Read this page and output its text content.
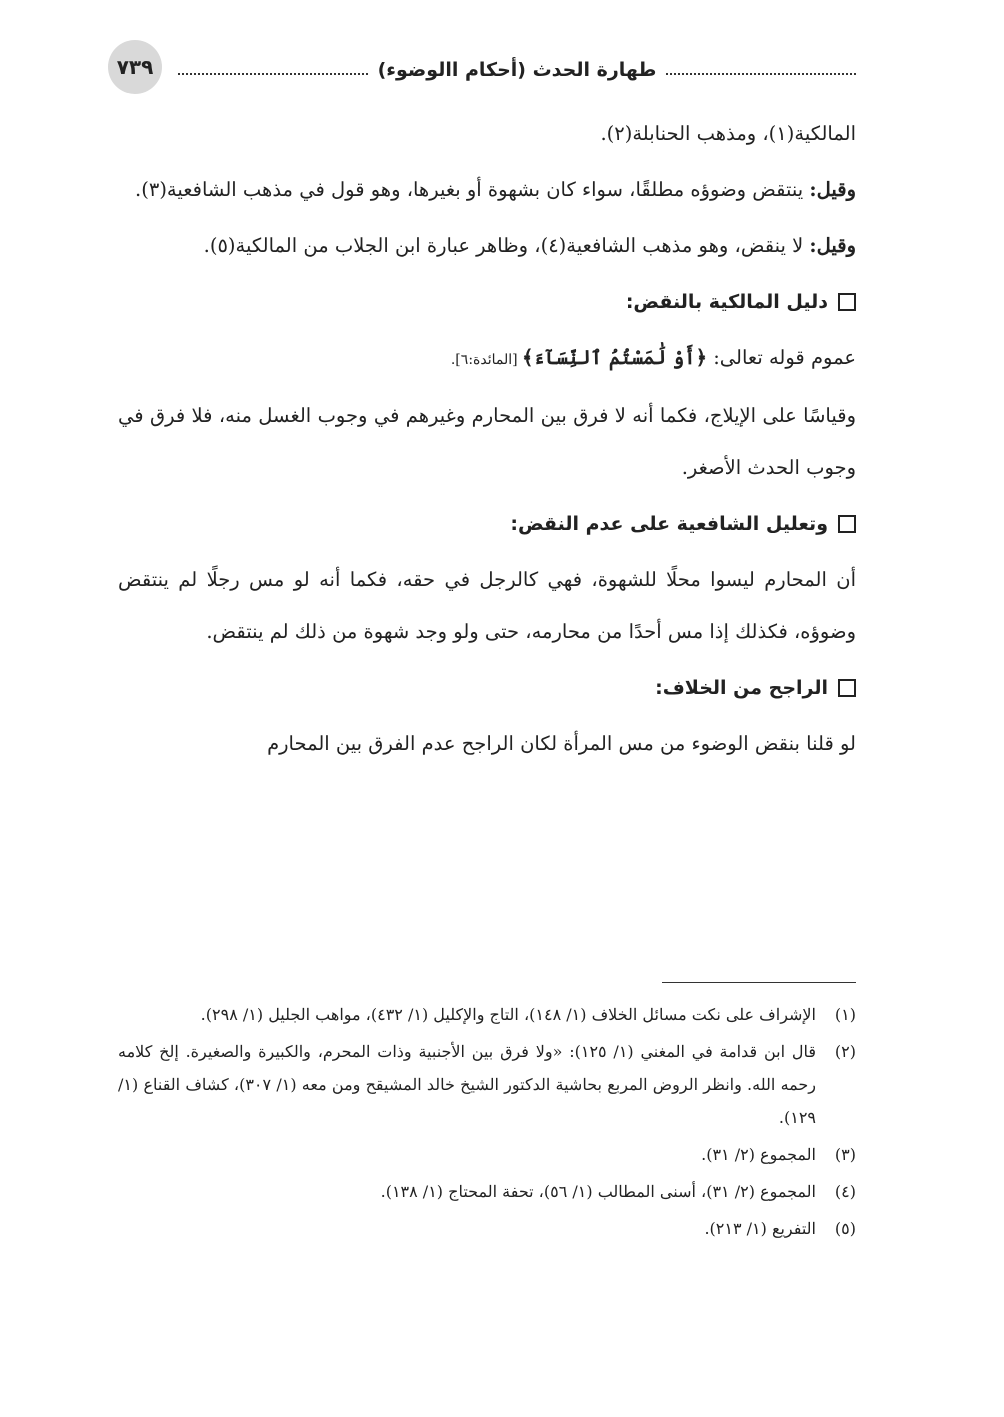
٧٣٩	طهارة الحدث (أحكام االوضوء)

المالكية(١)، ومذهب الحنابلة(٢).

وقيل: ينتقض وضوؤه مطلقًا، سواء كان بشهوة أو بغيرها، وهو قول في مذهب الشافعية(٣).

وقيل: لا ينقض، وهو مذهب الشافعية(٤)، وظاهر عبارة ابن الجلاب من المالكية(٥).

دليل المالكية بالنقض:

عموم قوله تعالى: ﴿أَوْ لَٰمَسْتُمُ ٱلنِّسَآءَ﴾ [المائدة:٦].

وقياسًا على الإيلاج، فكما أنه لا فرق بين المحارم وغيرهم في وجوب الغسل منه، فلا فرق في وجوب الحدث الأصغر.

وتعليل الشافعية على عدم النقض:

أن المحارم ليسوا محلًا للشهوة، فهي كالرجل في حقه، فكما أنه لو مس رجلًا لم ينتقض وضوؤه، فكذلك إذا مس أحدًا من محارمه، حتى ولو وجد شهوة من ذلك لم ينتقض.

الراجح من الخلاف:

لو قلنا بنقض الوضوء من مس المرأة لكان الراجح عدم الفرق بين المحارم

(١)
الإشراف على نكت مسائل الخلاف (١/ ١٤٨)، التاج والإكليل (١/ ٤٣٢)، مواهب الجليل (١/ ٢٩٨).
(٢)
قال ابن قدامة في المغني (١/ ١٢٥): «ولا فرق بين الأجنبية وذات المحرم، والكبيرة والصغيرة. إلخ كلامه رحمه الله. وانظر الروض المربع بحاشية الدكتور الشيخ خالد المشيقح ومن معه (١/ ٣٠٧)، كشاف القناع (١/ ١٢٩).
(٣)
المجموع (٢/ ٣١).
(٤)
المجموع (٢/ ٣١)، أسنى المطالب (١/ ٥٦)، تحفة المحتاج (١/ ١٣٨).
(٥)
التفريع (١/ ٢١٣).
